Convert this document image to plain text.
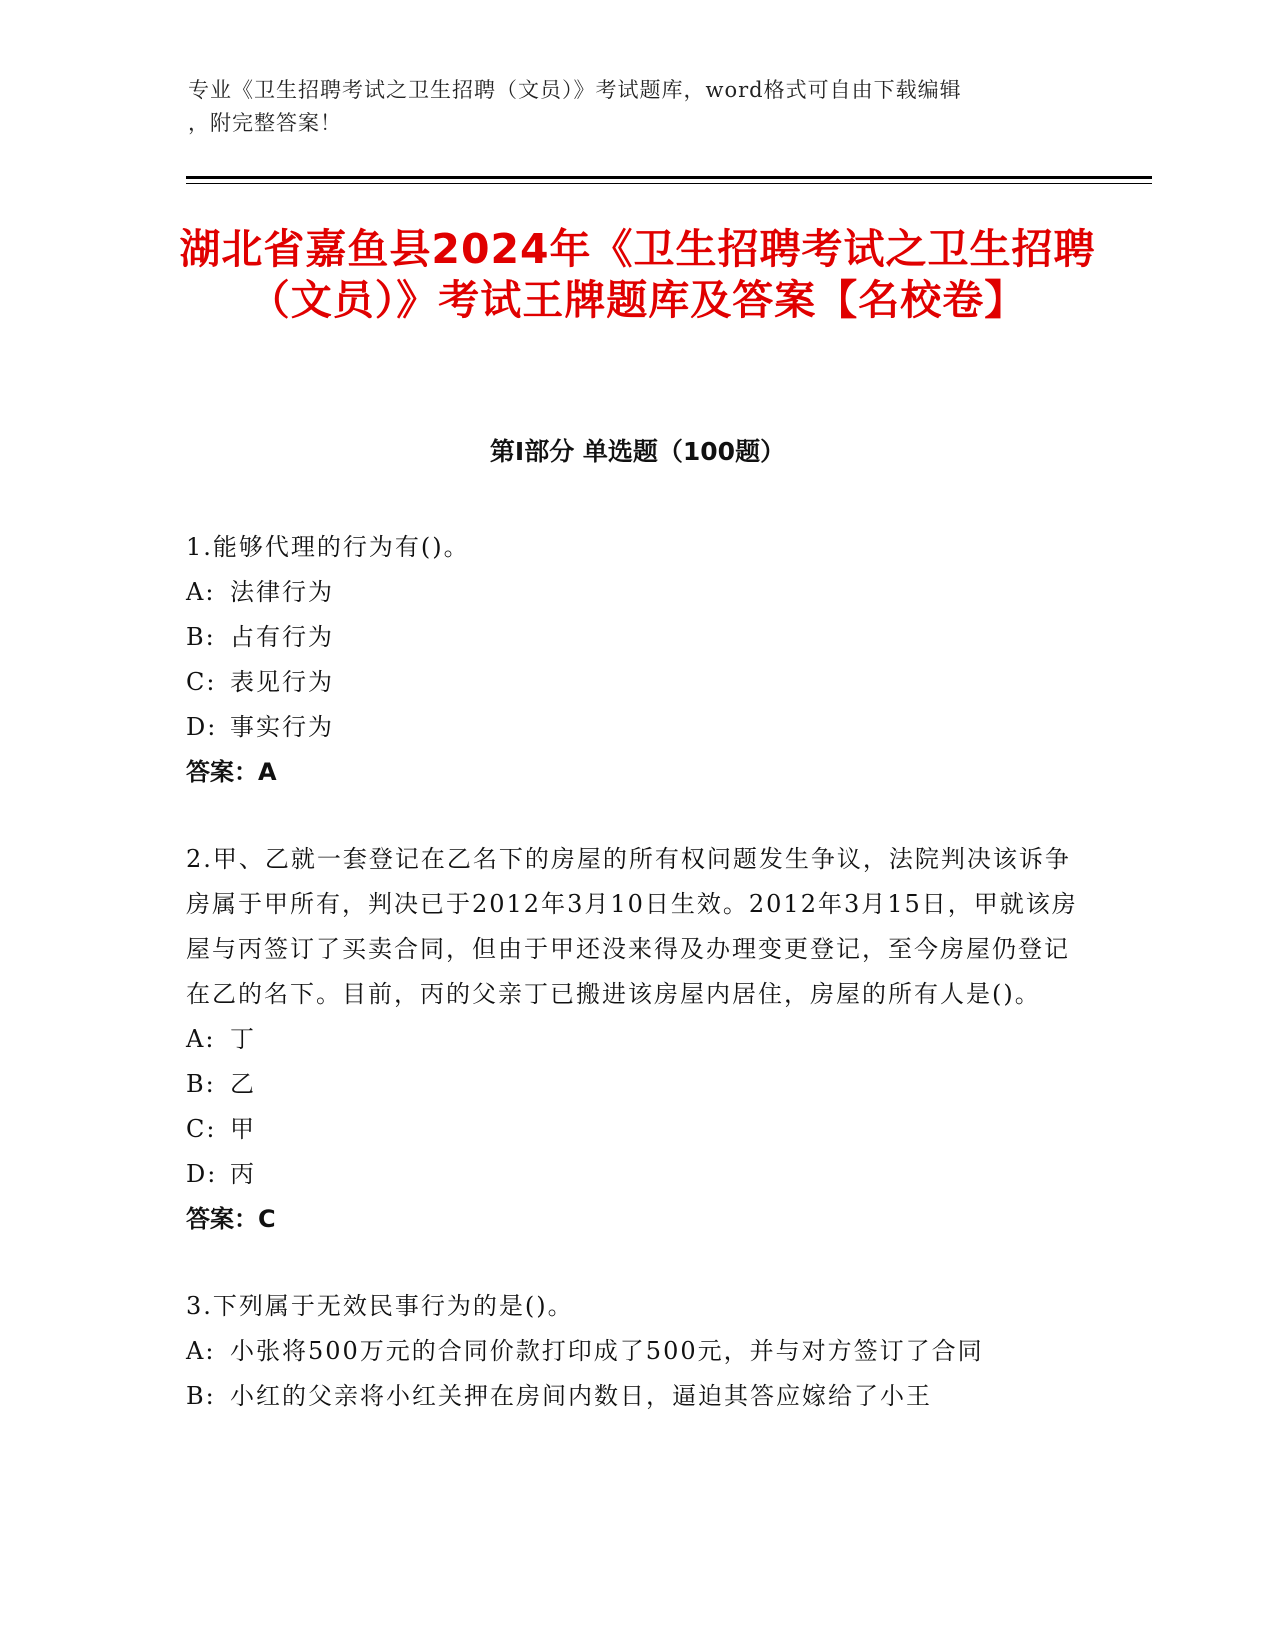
专业《卫生招聘考试之卫生招聘（文员）》考试题库，word格式可自由下载编辑
，附完整答案！
湖北省嘉鱼县2024年《卫生招聘考试之卫生招聘（文员）》考试王牌题库及答案【名校卷】
第Ⅰ部分 单选题（100题）
1.能够代理的行为有()。
A: 法律行为
B: 占有行为
C: 表见行为
D: 事实行为
答案：A
2.甲、乙就一套登记在乙名下的房屋的所有权问题发生争议，法院判决该诉争房属于甲所有，判决已于2012年3月10日生效。2012年3月15日，甲就该房屋与丙签订了买卖合同，但由于甲还没来得及办理变更登记，至今房屋仍登记在乙的名下。目前，丙的父亲丁已搬进该房屋内居住，房屋的所有人是()。
A: 丁
B: 乙
C: 甲
D: 丙
答案：C
3.下列属于无效民事行为的是()。
A: 小张将500万元的合同价款打印成了500元，并与对方签订了合同
B: 小红的父亲将小红关押在房间内数日，逼迫其答应嫁给了小王
